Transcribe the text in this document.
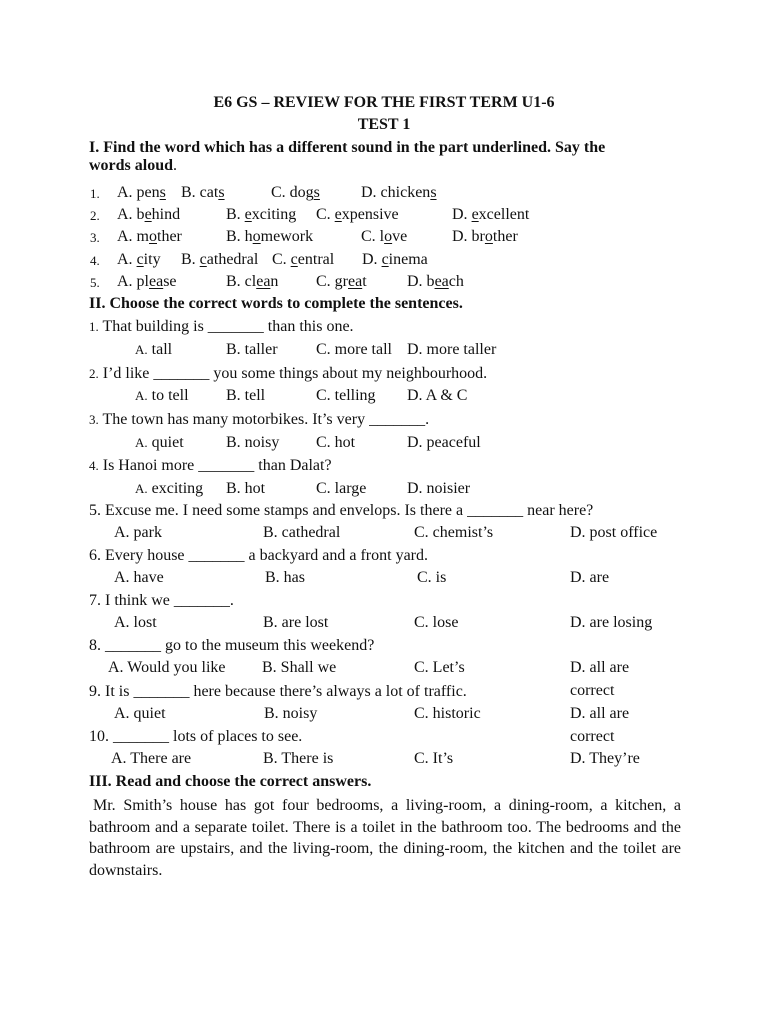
E6 GS – REVIEW FOR THE FIRST TERM U1-6
TEST 1
I. Find the word which has a different sound in the part underlined. Say the
words aloud.
1. A. pens B. cats	C. dogs	D. chickens
2. A. behind	B. exciting C. expensive	D. excellent
3. A. mother	B. homework	C. love	D. brother
4. A. city B. cathedral C. central D. cinema
5. A. please	B. clean C. great	D. beach
II. Choose the correct words to complete the sentences.
1. That building is _______ than this one.
A. tall	B. taller C. more tall D. more taller
2. I’d like _______ you some things about my neighbourhood.
A. to tell B. tell	C. telling D. A & C
3. The town has many motorbikes. It’s very _______.
A. quiet	B. noisy C. hot	D. peaceful
4. Is Hanoi more _______ than Dalat?
A. exciting B. hot	C. large	D. noisier
5. Excuse me. I need some stamps and envelops. Is there a _______ near here?
A. park	B. cathedral	C. chemist’s	D. post office
6. Every house _______ a backyard and a front yard.
A. have	B. has	C. is	D. are
7. I think we _______.
A. lost	B. are lost	C. lose	D. are losing
8. _______ go to the museum this weekend?
A. Would you like B. Shall we	C. Let’s	D. all are
9. It is _______ here because there’s always a lot of traffic.	correct
A. quiet	B. noisy	C. historic	D. all are
10. _______ lots of places to see.	correct
A. There are	B. There is	C. It’s	D. They’re
III. Read and choose the correct answers.
Mr. Smith’s house has got four bedrooms, a living-room, a dining-room, a kitchen, a bathroom and a separate toilet. There is a toilet in the bathroom too. The bedrooms and the bathroom are upstairs, and the living-room, the dining-room, the kitchen and the toilet are downstairs.
